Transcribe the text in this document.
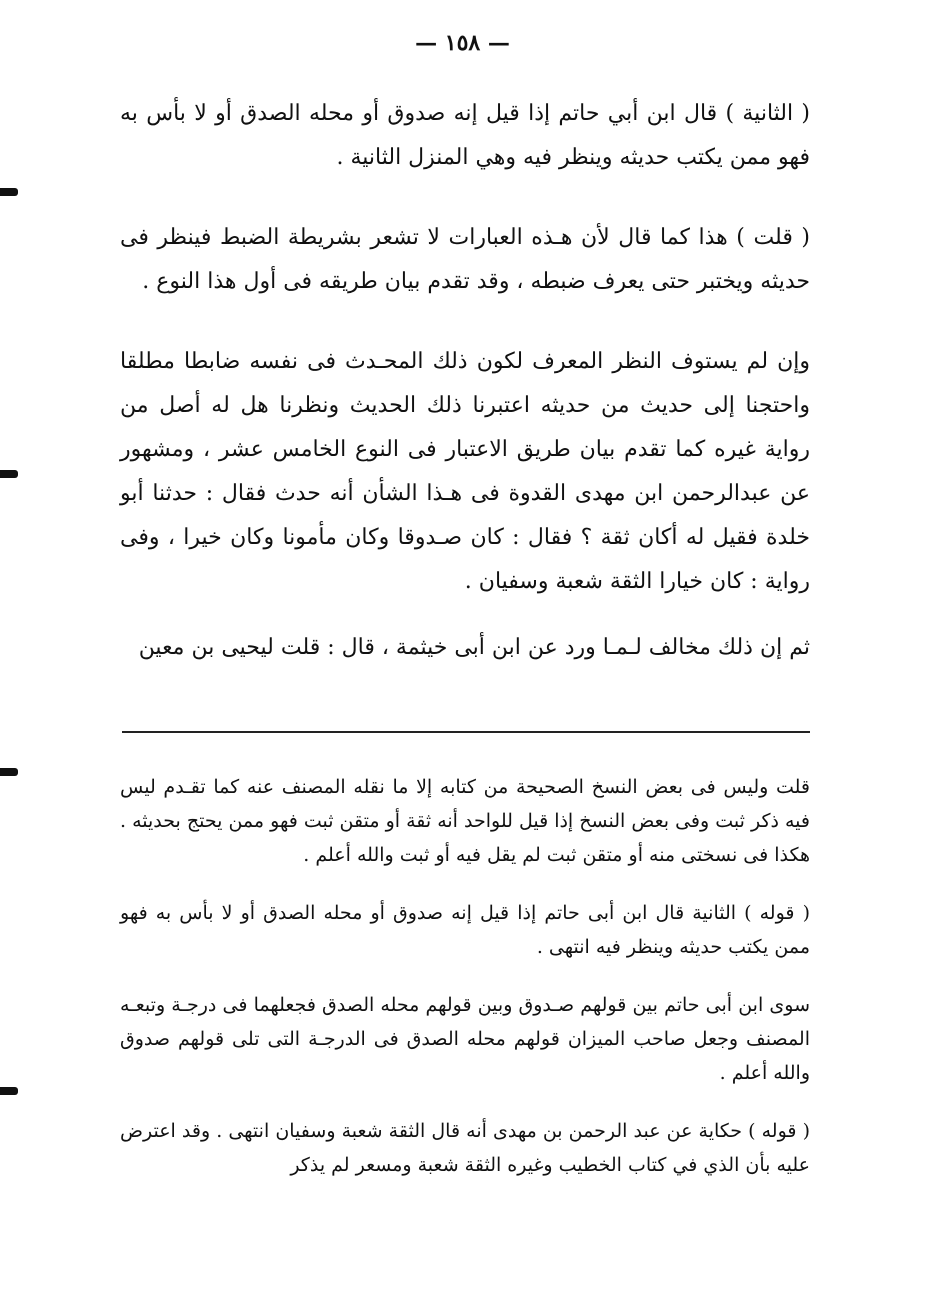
— ١٥٨ —

( الثانية ) قال ابن أبي حاتم إذا قيل إنه صدوق أو محله الصدق أو لا بأس به فهو ممن يكتب حديثه وينظر فيه وهي المنزل الثانية .

( قلت ) هذا كما قال لأن هـذه العبارات لا تشعر بشريطة الضبط فينظر فى حديثه ويختبر حتى يعرف ضبطه ، وقد تقدم بيان طريقه فى أول هذا النوع .

وإن لم يستوف النظر المعرف لكون ذلك المحـدث فى نفسه ضابطا مطلقا واحتجنا إلى حديث من حديثه اعتبرنا ذلك الحديث ونظرنا هل له أصل من رواية غيره كما تقدم بيان طريق الاعتبار فى النوع الخامس عشر ، ومشهور عن عبدالرحمن ابن مهدى القدوة فى هـذا الشأن أنه حدث فقال : حدثنا أبو خلدة فقيل له أكان ثقة ؟ فقال : كان صـدوقا وكان مأمونا وكان خيرا ، وفى رواية : كان خيارا الثقة شعبة وسفيان .

ثم إن ذلك مخالف لـمـا ورد عن ابن أبى خيثمة ، قال : قلت ليحيى بن معين

قلت وليس فى بعض النسخ الصحيحة من كتابه إلا ما نقله المصنف عنه كما تقـدم ليس فيه ذكر ثبت وفى بعض النسخ إذا قيل للواحد أنه ثقة أو متقن ثبت فهو ممن يحتج بحديثه . هكذا فى نسختى منه أو متقن ثبت لم يقل فيه أو ثبت والله أعلم .

( قوله ) الثانية قال ابن أبى حاتم إذا قيل إنه صدوق أو محله الصدق أو لا بأس به فهو ممن يكتب حديثه وينظر فيه انتهى .

سوى ابن أبى حاتم بين قولهم صـدوق وبين قولهم محله الصدق فجعلهما فى درجـة وتبعـه المصنف وجعل صاحب الميزان قولهم محله الصدق فى الدرجـة التى تلى قولهم صدوق والله أعلم .

( قوله ) حكاية عن عبد الرحمن بن مهدى أنه قال الثقة شعبة وسفيان انتهى . وقد اعترض عليه بأن الذي في كتاب الخطيب وغيره الثقة شعبة ومسعر لم يذكر
